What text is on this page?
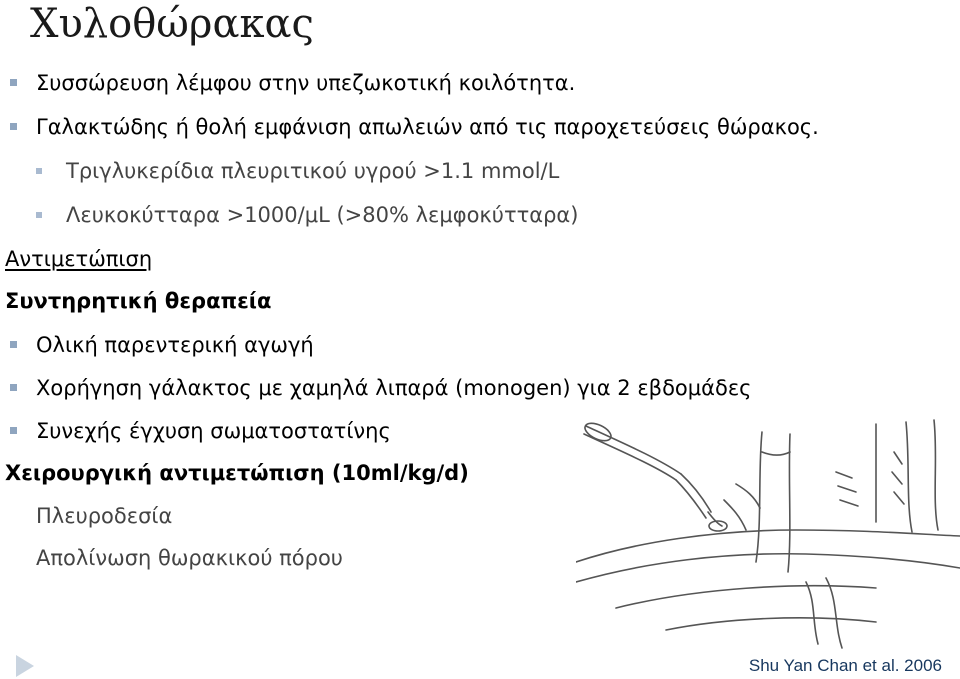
Χυλοθώρακας
Συσσώρευση λέμφου στην υπεζωκοτική κοιλότητα.
Γαλακτώδης ή θολή εμφάνιση απωλειών από τις παροχετεύσεις θώρακος.
Τριγλυκερίδια πλευριτικού υγρού >1.1 mmol/L
Λευκοκύτταρα >1000/μL (>80% λεμφοκύτταρα)
Αντιμετώπιση
Συντηρητική θεραπεία
Ολική παρεντερική αγωγή
Χορήγηση γάλακτος με χαμηλά λιπαρά (monogen) για 2 εβδομάδες
Συνεχής έγχυση σωματοστατίνης
Χειρουργική αντιμετώπιση (10ml/kg/d)
Πλευροδεσία
Απολίνωση θωρακικού πόρου
Shu Yan Chan et al. 2006
